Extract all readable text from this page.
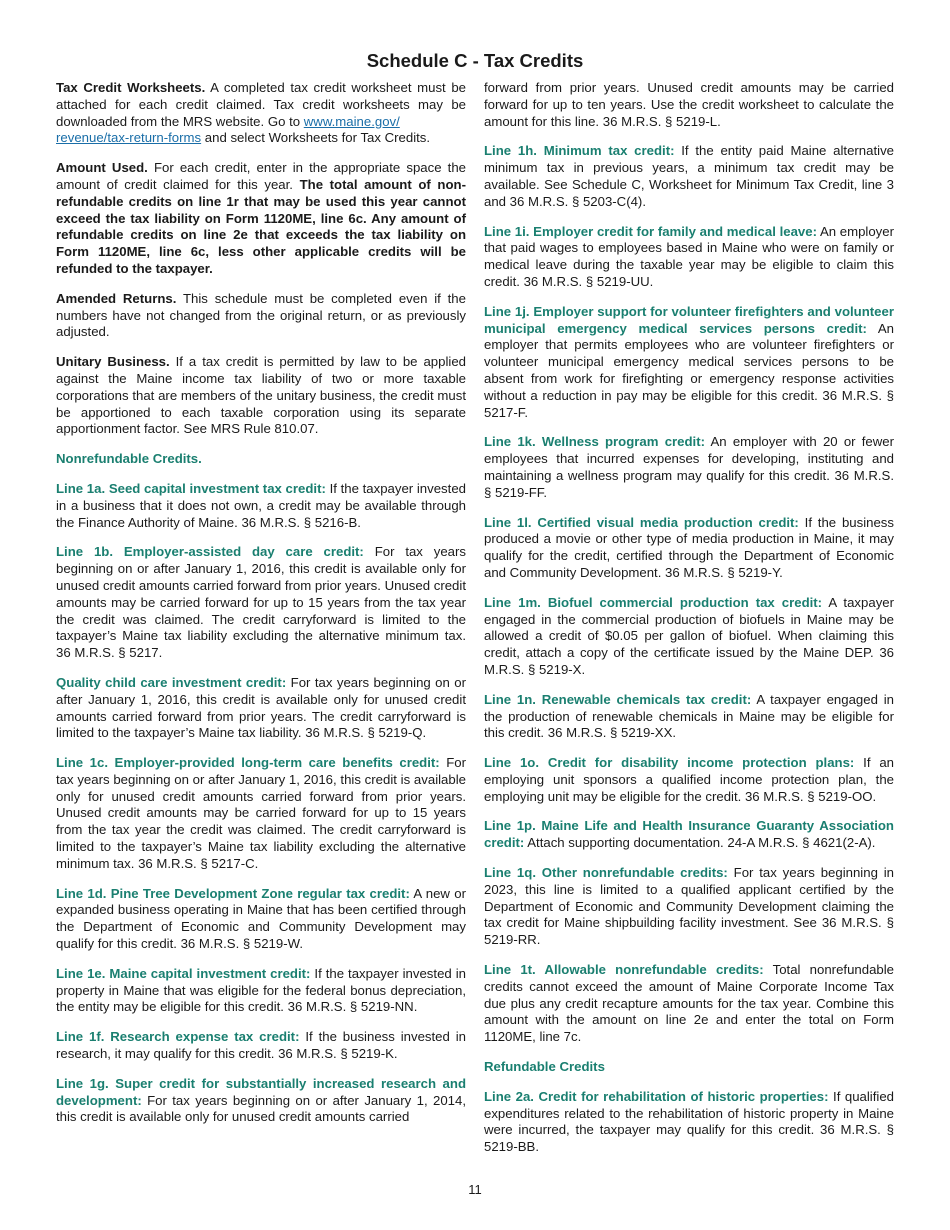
Schedule C - Tax Credits

Tax Credit Worksheets. A completed tax credit worksheet must be attached for each credit claimed. Tax credit worksheets may be downloaded from the MRS website. Go to www.maine.gov/
revenue/tax-return-forms and select Worksheets for Tax Credits.

Amount Used. For each credit, enter in the appropriate space the amount of credit claimed for this year. The total amount of non-refundable credits on line 1r that may be used this year cannot exceed the tax liability on Form 1120ME, line 6c. Any amount of refundable credits on line 2e that exceeds the tax liability on Form 1120ME, line 6c, less other applicable credits will be refunded to the taxpayer.

Amended Returns. This schedule must be completed even if the numbers have not changed from the original return, or as previously adjusted.

Unitary Business. If a tax credit is permitted by law to be applied against the Maine income tax liability of two or more taxable corporations that are members of the unitary business, the credit must be apportioned to each taxable corporation using its separate apportionment factor. See MRS Rule 810.07.

Nonrefundable Credits.

Line 1a. Seed capital investment tax credit: If the taxpayer invested in a business that it does not own, a credit may be available through the Finance Authority of Maine. 36 M.R.S. § 5216-B.

Line 1b. Employer-assisted day care credit: For tax years beginning on or after January 1, 2016, this credit is available only for unused credit amounts carried forward from prior years. Unused credit amounts may be carried forward for up to 15 years from the tax year the credit was claimed. The credit carryforward is limited to the taxpayer’s Maine tax liability excluding the alternative minimum tax. 36 M.R.S. § 5217.

Quality child care investment credit: For tax years beginning on or after January 1, 2016, this credit is available only for unused credit amounts carried forward from prior years. The credit carryforward is limited to the taxpayer’s Maine tax liability. 36 M.R.S. § 5219-Q.

Line 1c. Employer-provided long-term care benefits credit: For tax years beginning on or after January 1, 2016, this credit is available only for unused credit amounts carried forward from prior years. Unused credit amounts may be carried forward for up to 15 years from the tax year the credit was claimed. The credit carryforward is limited to the taxpayer’s Maine tax liability excluding the alternative minimum tax. 36 M.R.S. § 5217-C.

Line 1d. Pine Tree Development Zone regular tax credit: A new or expanded business operating in Maine that has been certified through the Department of Economic and Community Development may qualify for this credit. 36 M.R.S. § 5219-W.

Line 1e. Maine capital investment credit: If the taxpayer invested in property in Maine that was eligible for the federal bonus depreciation, the entity may be eligible for this credit. 36 M.R.S. § 5219-NN.

Line 1f. Research expense tax credit: If the business invested in research, it may qualify for this credit. 36 M.R.S. § 5219-K.

Line 1g. Super credit for substantially increased research and development: For tax years beginning on or after January 1, 2014, this credit is available only for unused credit amounts carried

forward from prior years. Unused credit amounts may be carried forward for up to ten years. Use the credit worksheet to calculate the amount for this line. 36 M.R.S. § 5219-L.

Line 1h. Minimum tax credit: If the entity paid Maine alternative minimum tax in previous years, a minimum tax credit may be available. See Schedule C, Worksheet for Minimum Tax Credit, line 3 and 36 M.R.S. § 5203-C(4).

Line 1i. Employer credit for family and medical leave: An employer that paid wages to employees based in Maine who were on family or medical leave during the taxable year may be eligible to claim this credit. 36 M.R.S. § 5219-UU.

Line 1j. Employer support for volunteer firefighters and volunteer municipal emergency medical services persons credit: An employer that permits employees who are volunteer firefighters or volunteer municipal emergency medical services persons to be absent from work for firefighting or emergency response activities without a reduction in pay may be eligible for this credit. 36 M.R.S. § 5217-F.

Line 1k. Wellness program credit: An employer with 20 or fewer employees that incurred expenses for developing, instituting and maintaining a wellness program may qualify for this credit. 36 M.R.S. § 5219-FF.

Line 1l. Certified visual media production credit: If the business produced a movie or other type of media production in Maine, it may qualify for the credit, certified through the Department of Economic and Community Development. 36 M.R.S. § 5219-Y.

Line 1m. Biofuel commercial production tax credit: A taxpayer engaged in the commercial production of biofuels in Maine may be allowed a credit of $0.05 per gallon of biofuel. When claiming this credit, attach a copy of the certificate issued by the Maine DEP. 36 M.R.S. § 5219-X.

Line 1n. Renewable chemicals tax credit: A taxpayer engaged in the production of renewable chemicals in Maine may be eligible for this credit. 36 M.R.S. § 5219-XX.

Line 1o. Credit for disability income protection plans: If an employing unit sponsors a qualified income protection plan, the employing unit may be eligible for the credit. 36 M.R.S. § 5219-OO.

Line 1p. Maine Life and Health Insurance Guaranty Association credit: Attach supporting documentation. 24-A M.R.S. § 4621(2-A).

Line 1q. Other nonrefundable credits: For tax years beginning in 2023, this line is limited to a qualified applicant certified by the Department of Economic and Community Development claiming the tax credit for Maine shipbuilding facility investment. See 36 M.R.S. § 5219-RR.

Line 1t. Allowable nonrefundable credits: Total nonrefundable credits cannot exceed the amount of Maine Corporate Income Tax due plus any credit recapture amounts for the tax year. Combine this amount with the amount on line 2e and enter the total on Form 1120ME, line 7c.

Refundable Credits

Line 2a. Credit for rehabilitation of historic properties: If qualified expenditures related to the rehabilitation of historic property in Maine were incurred, the taxpayer may qualify for this credit. 36 M.R.S. § 5219-BB.

11
